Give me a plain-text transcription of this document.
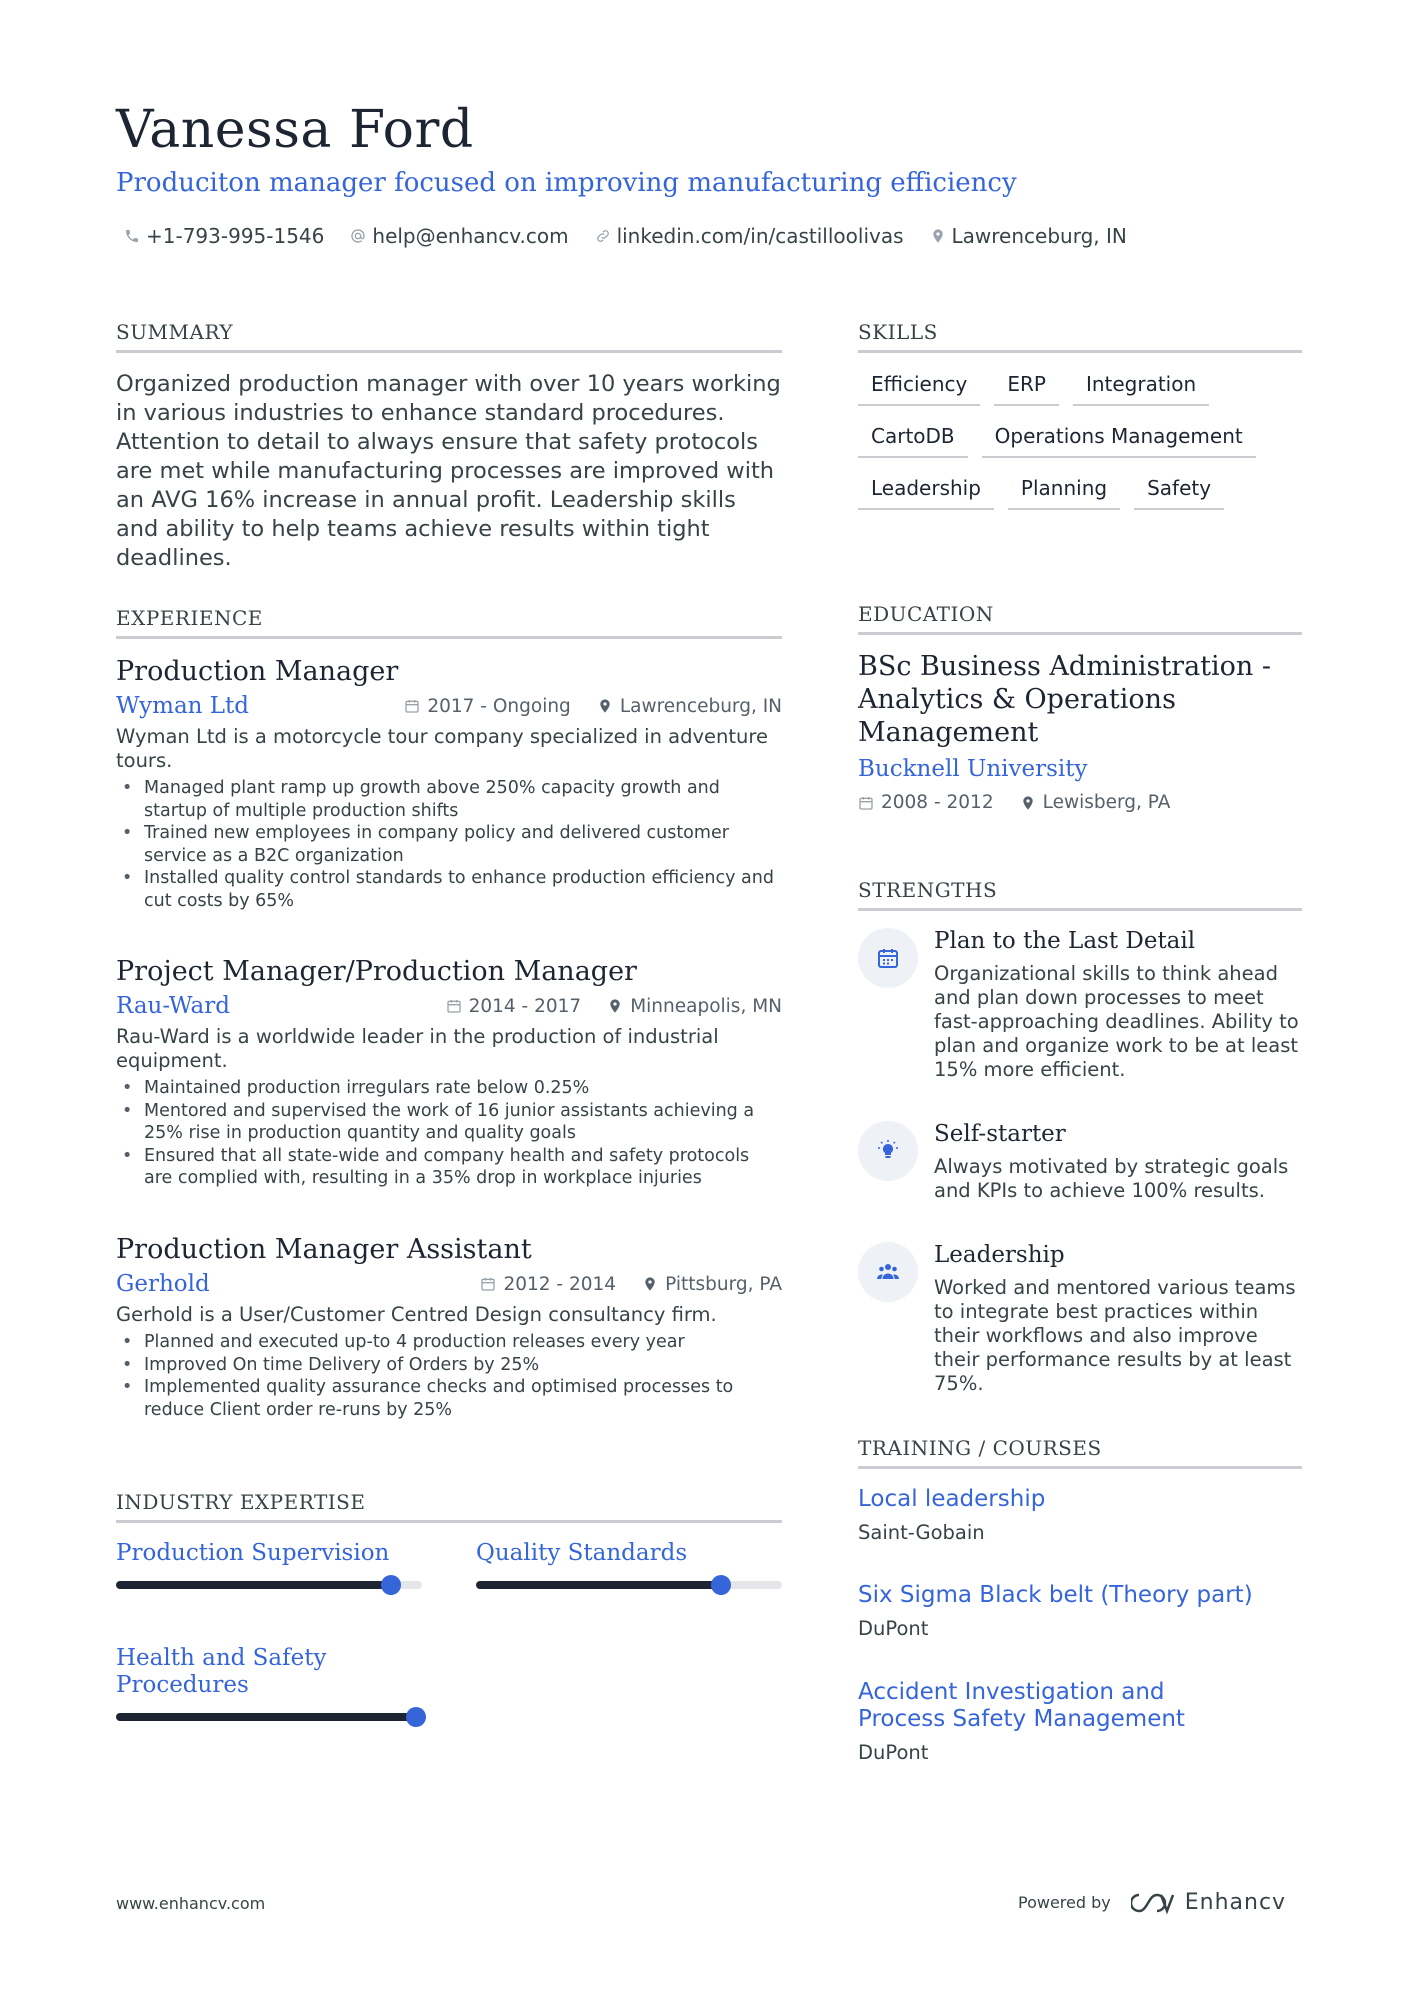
Vanessa Ford
Produciton manager focused on improving manufacturing efficiency
+1-793-995-1546 help@enhancv.com linkedin.com/in/castilloolivas Lawrenceburg, IN
SUMMARY
Organized production manager with over 10 years working in various industries to enhance standard procedures. Attention to detail to always ensure that safety protocols are met while manufacturing processes are improved with an AVG 16% increase in annual profit. Leadership skills and ability to help teams achieve results within tight deadlines.
SKILLS
Efficiency	ERP	Integration
CartoDB	Operations Management
Leadership	Planning	Safety
EXPERIENCE
Production Manager
Wyman Ltd	2017 - Ongoing	Lawrenceburg, IN
Wyman Ltd is a motorcycle tour company specialized in adventure tours.
• Managed plant ramp up growth above 250% capacity growth and startup of multiple production shifts
• Trained new employees in company policy and delivered customer service as a B2C organization
• Installed quality control standards to enhance production efficiency and cut costs by 65%
Project Manager/Production Manager
Rau-Ward	2014 - 2017	Minneapolis, MN
Rau-Ward is a worldwide leader in the production of industrial equipment.
• Maintained production irregulars rate below 0.25%
• Mentored and supervised the work of 16 junior assistants achieving a 25% rise in production quantity and quality goals
• Ensured that all state-wide and company health and safety protocols are complied with, resulting in a 35% drop in workplace injuries
Production Manager Assistant
Gerhold	2012 - 2014	Pittsburg, PA
Gerhold is a User/Customer Centred Design consultancy firm.
• Planned and executed up-to 4 production releases every year
• Improved On time Delivery of Orders by 25%
• Implemented quality assurance checks and optimised processes to reduce Client order re-runs by 25%
INDUSTRY EXPERTISE
Production Supervision	Quality Standards
Health and Safety Procedures
EDUCATION
BSc Business Administration - Analytics & Operations Management
Bucknell University
2008 - 2012	Lewisberg, PA
STRENGTHS
Plan to the Last Detail
Organizational skills to think ahead and plan down processes to meet fast-approaching deadlines. Ability to plan and organize work to be at least 15% more efficient.
Self-starter
Always motivated by strategic goals and KPIs to achieve 100% results.
Leadership
Worked and mentored various teams to integrate best practices within their workflows and also improve their performance results by at least 75%.
TRAINING / COURSES
Local leadership
Saint-Gobain
Six Sigma Black belt (Theory part)
DuPont
Accident Investigation and Process Safety Management
DuPont
www.enhancv.com	Powered by	Enhancv
